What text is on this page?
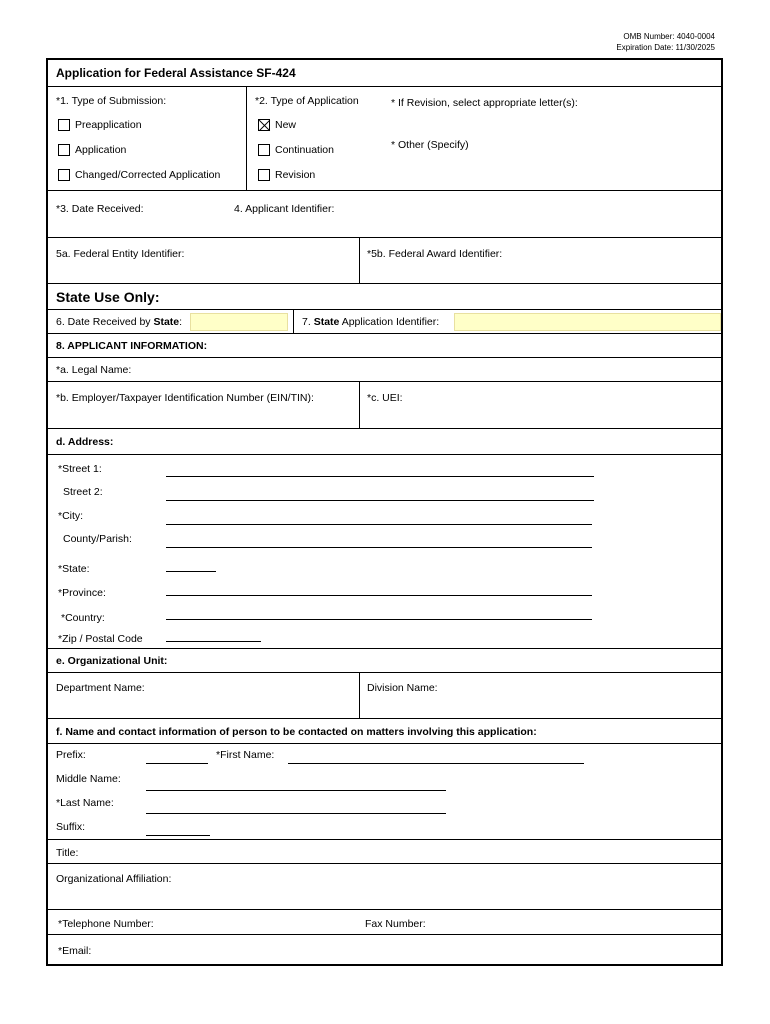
OMB Number: 4040-0004
Expiration Date: 11/30/2025
Application for Federal Assistance SF-424
*1. Type of Submission:
Preapplication
Application
Changed/Corrected Application
*2. Type of Application
New
Continuation
Revision
* If Revision, select appropriate letter(s):
* Other (Specify)
*3. Date Received:	4. Applicant Identifier:
5a. Federal Entity Identifier:	*5b. Federal Award Identifier:
State Use Only:
6. Date Received by State:	7. State Application Identifier:
8. APPLICANT INFORMATION:
*a. Legal Name:
*b. Employer/Taxpayer Identification Number (EIN/TIN):	*c. UEI:
d. Address:
*Street 1:
Street 2:
*City:
County/Parish:
*State:
*Province:
*Country:
*Zip / Postal Code
e. Organizational Unit:
Department Name:	Division Name:
f. Name and contact information of person to be contacted on matters involving this application:
Prefix:	*First Name:
Middle Name:
*Last Name:
Suffix:
Title:
Organizational Affiliation:
*Telephone Number:	Fax Number:
*Email:
